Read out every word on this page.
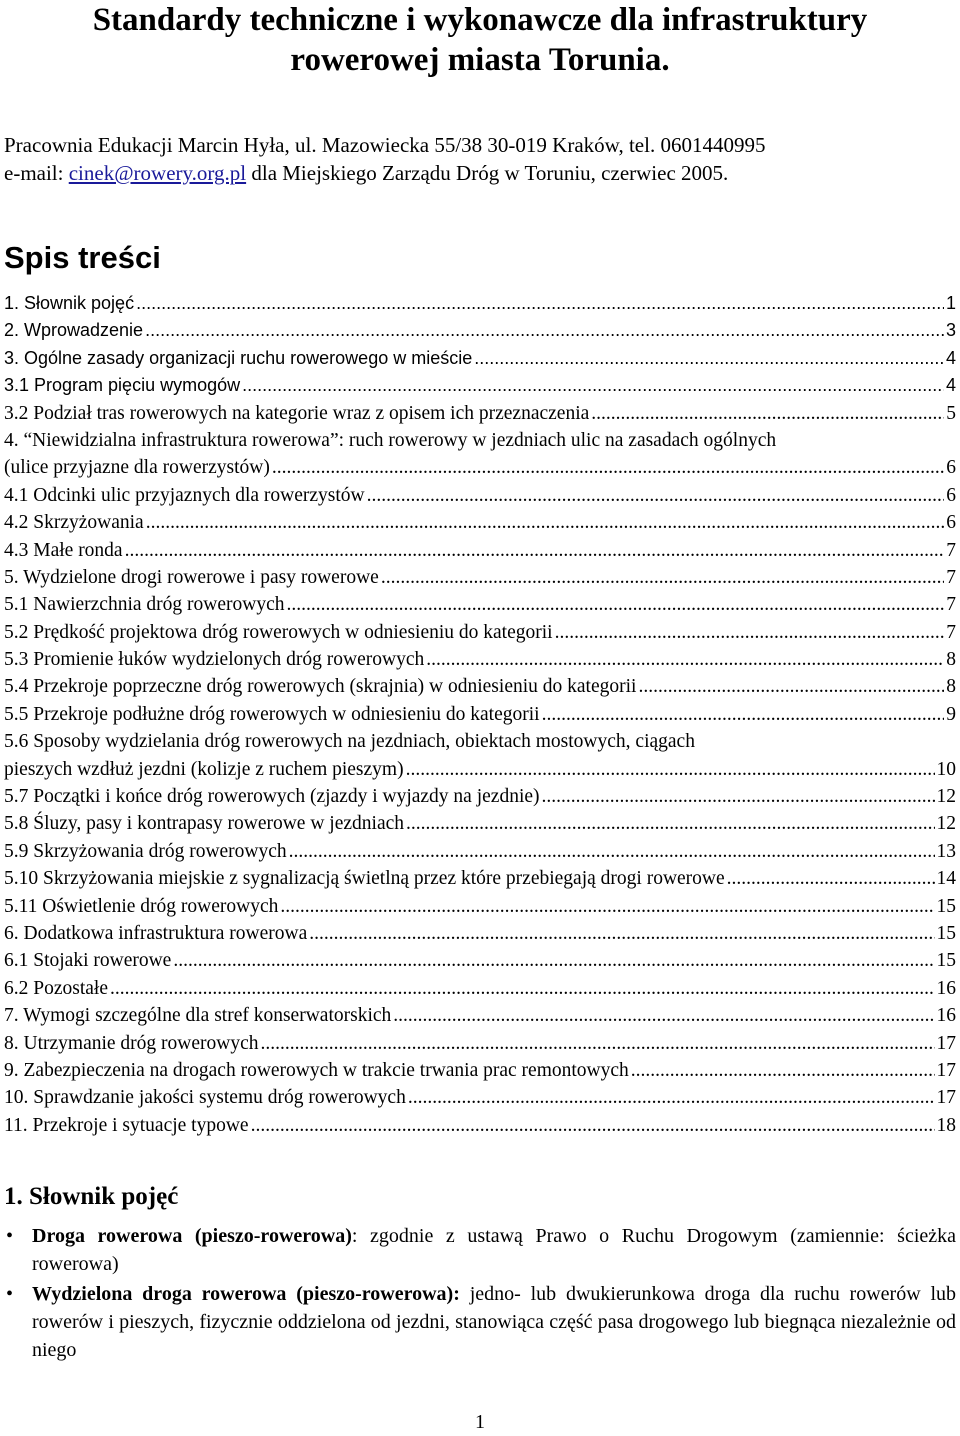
Standardy techniczne i wykonawcze dla infrastruktury
rowerowej miasta Torunia.
Pracownia Edukacji Marcin Hyła, ul. Mazowiecka 55/38 30-019 Kraków, tel. 0601440995
e-mail: cinek@rowery.org.pl dla Miejskiego Zarządu Dróg w Toruniu, czerwiec 2005.
Spis treści
1. Słownik pojęć .....	1
2. Wprowadzenie .....	3
3. Ogólne zasady organizacji ruchu rowerowego w mieście .....	4
3.1 Program pięciu wymogów .....	4
3.2 Podział tras rowerowych na kategorie wraz z opisem ich przeznaczenia .....	5
4. “Niewidzialna infrastruktura rowerowa”: ruch rowerowy w jezdniach ulic na zasadach ogólnych
(ulice przyjazne dla rowerzystów) .....	6
4.1 Odcinki ulic przyjaznych dla rowerzystów .....	6
4.2 Skrzyżowania .....	6
4.3 Małe ronda .....	7
5. Wydzielone drogi rowerowe i pasy rowerowe .....	7
5.1 Nawierzchnia dróg rowerowych .....	7
5.2 Prędkość projektowa dróg rowerowych w odniesieniu do kategorii .....	7
5.3 Promienie łuków wydzielonych dróg rowerowych .....	8
5.4 Przekroje poprzeczne dróg rowerowych (skrajnia) w odniesieniu do kategorii .....	8
5.5 Przekroje podłużne dróg rowerowych w odniesieniu do kategorii .....	9
5.6 Sposoby wydzielania dróg rowerowych na jezdniach, obiektach mostowych, ciągach
pieszych wzdłuż jezdni (kolizje z ruchem pieszym) .....	10
5.7 Początki i końce dróg rowerowych (zjazdy i wyjazdy na jezdnie) .....	12
5.8 Śluzy, pasy i kontrapasy rowerowe w jezdniach .....	12
5.9 Skrzyżowania dróg rowerowych .....	13
5.10 Skrzyżowania miejskie z sygnalizacją świetlną przez które przebiegają drogi rowerowe .....	14
5.11 Oświetlenie dróg rowerowych .....	15
6. Dodatkowa infrastruktura rowerowa .....	15
6.1 Stojaki rowerowe .....	15
6.2 Pozostałe .....	16
7. Wymogi szczególne dla stref konserwatorskich .....	16
8. Utrzymanie dróg rowerowych .....	17
9. Zabezpieczenia na drogach rowerowych w trakcie trwania prac remontowych .....	17
10. Sprawdzanie jakości systemu dróg rowerowych .....	17
11. Przekroje i sytuacje typowe .....	18
1. Słownik pojęć
• Droga rowerowa (pieszo-rowerowa): zgodnie z ustawą Prawo o Ruchu Drogowym (zamiennie: ścieżka rowerowa)
• Wydzielona droga rowerowa (pieszo-rowerowa): jedno- lub dwukierunkowa droga dla ruchu rowerów lub rowerów i pieszych, fizycznie oddzielona od jezdni, stanowiąca część pasa drogowego lub biegnąca niezależnie od niego
1
